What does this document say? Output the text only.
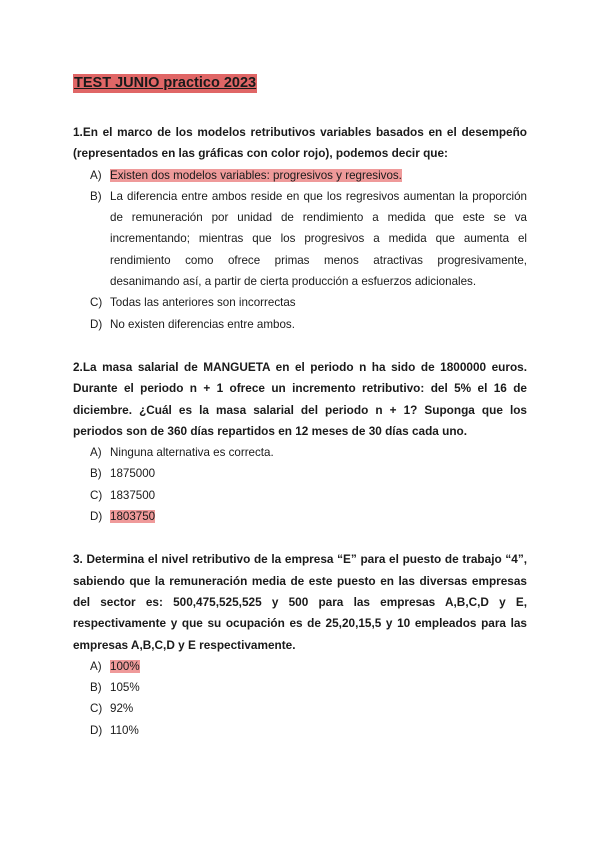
TEST JUNIO practico 2023
1.En el marco de los modelos retributivos variables basados en el desempeño (representados en las gráficas con color rojo), podemos decir que:
A) Existen dos modelos variables: progresivos y regresivos.
B) La diferencia entre ambos reside en que los regresivos aumentan la proporción de remuneración por unidad de rendimiento a medida que este se va incrementando; mientras que los progresivos a medida que aumenta el rendimiento como ofrece primas menos atractivas progresivamente, desanimando así, a partir de cierta producción a esfuerzos adicionales.
C) Todas las anteriores son incorrectas
D) No existen diferencias entre ambos.
2.La masa salarial de MANGUETA en el periodo n ha sido de 1800000 euros. Durante el periodo n + 1 ofrece un incremento retributivo: del 5% el 16 de diciembre. ¿Cuál es la masa salarial del periodo n + 1? Suponga que los periodos son de 360 días repartidos en 12 meses de 30 días cada uno.
A) Ninguna alternativa es correcta.
B) 1875000
C) 1837500
D) 1803750
3. Determina el nivel retributivo de la empresa “E” para el puesto de trabajo “4”, sabiendo que la remuneración media de este puesto en las diversas empresas del sector es: 500,475,525,525 y 500 para las empresas A,B,C,D y E, respectivamente y que su ocupación es de 25,20,15,5 y 10 empleados para las empresas A,B,C,D y E respectivamente.
A) 100%
B) 105%
C) 92%
D) 110%
